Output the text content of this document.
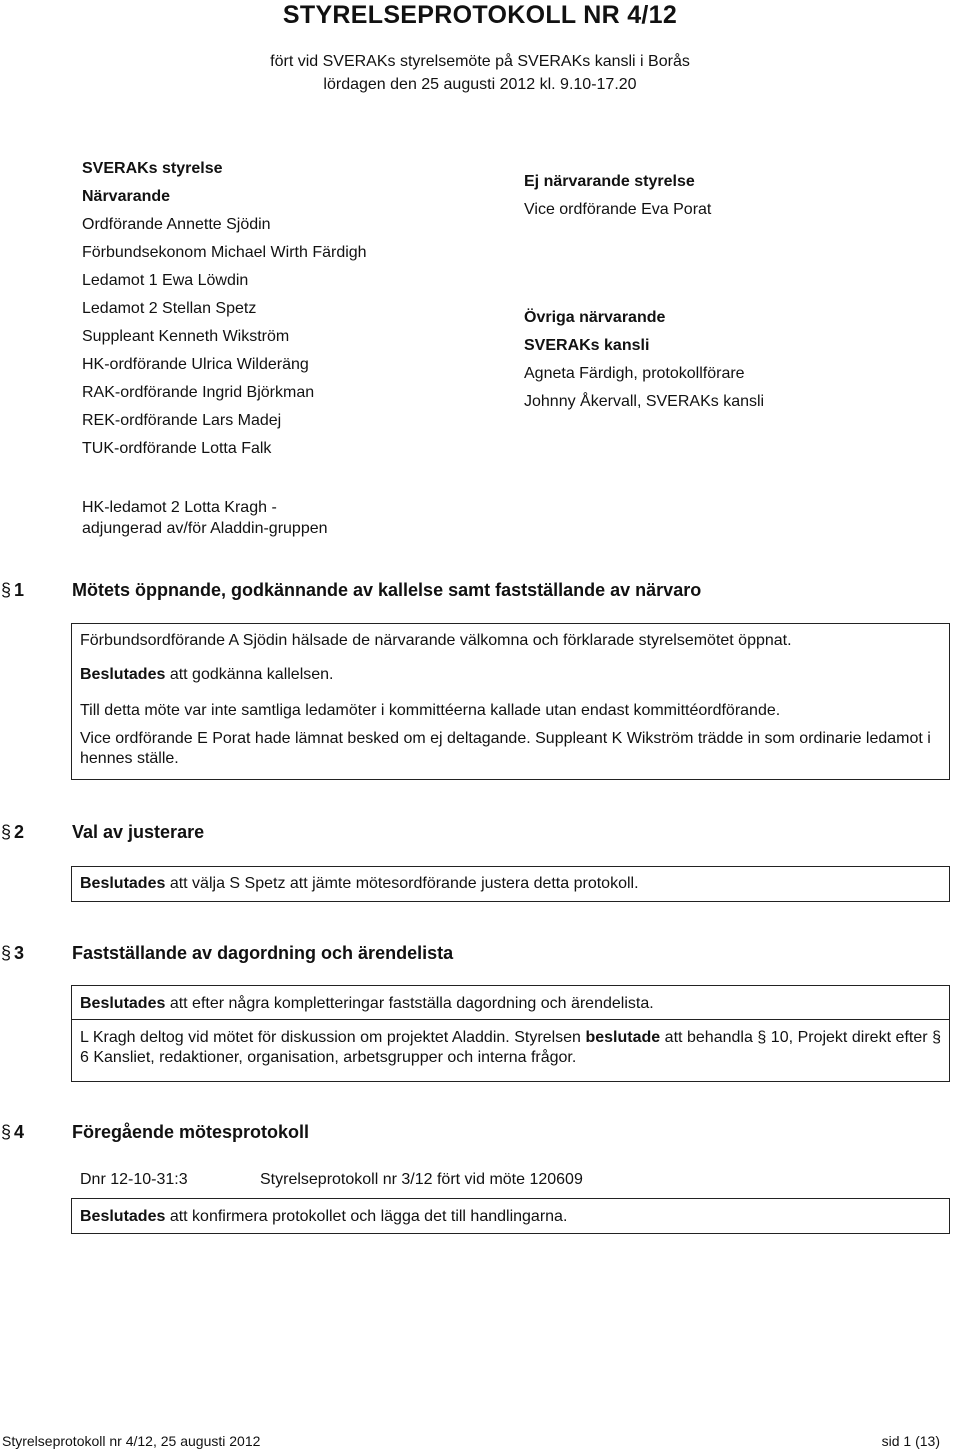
STYRELSEPROTOKOLL NR 4/12
fört vid SVERAKs styrelsemöte på SVERAKs kansli i Borås
lördagen den 25 augusti 2012 kl. 9.10-17.20
SVERAKs styrelse
Närvarande
Ordförande Annette Sjödin
Förbundsekonom Michael Wirth Färdigh
Ledamot 1 Ewa Löwdin
Ledamot 2 Stellan Spetz
Suppleant Kenneth Wikström
HK-ordförande Ulrica Wilderäng
RAK-ordförande Ingrid Björkman
REK-ordförande Lars Madej
TUK-ordförande Lotta Falk
HK-ledamot 2 Lotta Kragh -
adjungerad av/för Aladdin-gruppen
Ej närvarande styrelse
Vice ordförande Eva Porat
Övriga närvarande
SVERAKs kansli
Agneta Färdigh, protokollförare
Johnny Åkervall, SVERAKs kansli
§ 1	Mötets öppnande, godkännande av kallelse samt fastställande av närvaro

Förbundsordförande A Sjödin hälsade de närvarande välkomna och förklarade styrelsemötet öppnat.

Beslutades att godkänna kallelsen.

Till detta möte var inte samtliga ledamöter i kommittéerna kallade utan endast kommittéordförande.

Vice ordförande E Porat hade lämnat besked om ej deltagande. Suppleant K Wikström trädde in som ordinarie ledamot i hennes ställe.

§ 2	Val av justerare

Beslutades att välja S Spetz att jämte mötesordförande justera detta protokoll.

§ 3	Fastställande av dagordning och ärendelista

Beslutades att efter några kompletteringar fastställa dagordning och ärendelista.

L Kragh deltog vid mötet för diskussion om projektet Aladdin. Styrelsen beslutade att behandla § 10, Projekt direkt efter § 6 Kansliet, redaktioner, organisation, arbetsgrupper och interna frågor.

§ 4	Föregående mötesprotokoll
Dnr 12-10-31:3	Styrelseprotokoll nr 3/12 fört vid möte 120609

Beslutades att konfirmera protokollet och lägga det till handlingarna.

Styrelseprotokoll nr 4/12, 25 augusti 2012	sid 1 (13)
